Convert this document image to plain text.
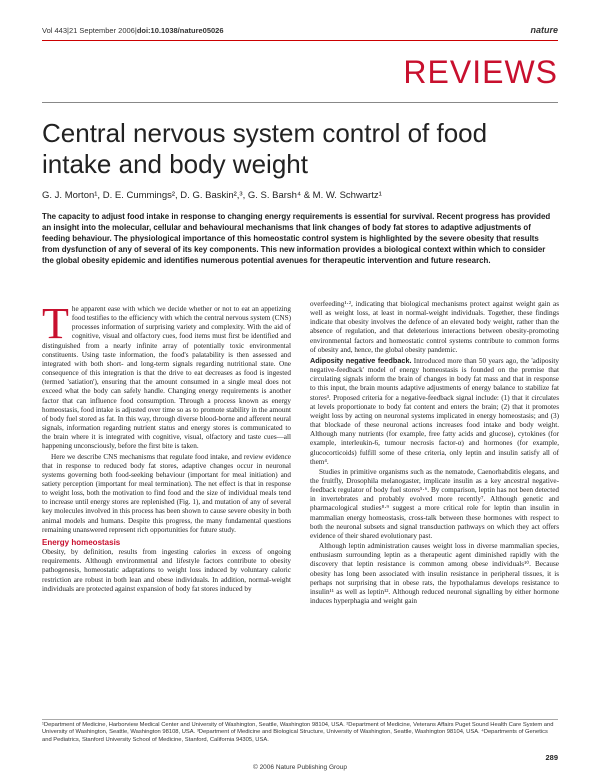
Vol 443|21 September 2006|doi:10.1038/nature05026	nature
REVIEWS
Central nervous system control of food intake and body weight
G. J. Morton¹, D. E. Cummings², D. G. Baskin²,³, G. S. Barsh⁴ & M. W. Schwartz¹

The capacity to adjust food intake in response to changing energy requirements is essential for survival. Recent progress has provided an insight into the molecular, cellular and behavioural mechanisms that link changes of body fat stores to adaptive adjustments of feeding behaviour. The physiological importance of this homeostatic control system is highlighted by the severe obesity that results from dysfunction of any of several of its key components. This new information provides a biological context within which to consider the global obesity epidemic and identifies numerous potential avenues for therapeutic intervention and future research.

The apparent ease with which we decide whether or not to eat an appetizing food testifies to the efficiency with which the central nervous system (CNS) processes information of surprising variety and complexity. With the aid of cognitive, visual and olfactory cues, food items must first be identified and distinguished from a nearly infinite array of potentially toxic environmental constituents. Using taste information, the food's palatability is then assessed and integrated with both short- and long-term signals regarding nutritional state. One consequence of this integration is that the drive to eat decreases as food is ingested (termed 'satiation'), ensuring that the amount consumed in a single meal does not exceed what the body can safely handle. Changing energy requirements is another factor that can influence food consumption. Through a process known as energy homeostasis, food intake is adjusted over time so as to promote stability in the amount of body fuel stored as fat. In this way, through diverse blood-borne and afferent neural signals, information regarding nutrient status and energy stores is communicated to the brain where it is integrated with cognitive, visual, olfactory and taste cues—all happening unconsciously, before the first bite is taken.

Here we describe CNS mechanisms that regulate food intake, and review evidence that in response to reduced body fat stores, adaptive changes occur in neuronal systems governing both food-seeking behaviour (important for meal initiation) and satiety perception (important for meal termination). The net effect is that in response to weight loss, both the motivation to find food and the size of individual meals tend to increase until energy stores are replenished (Fig. 1), and mutation of any of several key molecules involved in this process has been shown to cause severe obesity in both animal models and humans. Despite this progress, the many fundamental questions remaining unanswered represent rich opportunities for future study.

Energy homeostasis

Obesity, by definition, results from ingesting calories in excess of ongoing requirements. Although environmental and lifestyle factors contribute to obesity pathogenesis, homeostatic adaptations to weight loss induced by voluntary caloric restriction are robust in both lean and obese individuals. In addition, normal-weight individuals are protected against expansion of body fat stores induced by

overfeeding¹·², indicating that biological mechanisms protect against weight gain as well as weight loss, at least in normal-weight individuals. Together, these findings indicate that obesity involves the defence of an elevated body weight, rather than the absence of regulation, and that deleterious interactions between obesity-promoting environmental factors and homeostatic control systems contribute to common forms of obesity and, hence, the global obesity pandemic.

Adiposity negative feedback. Introduced more than 50 years ago, the 'adiposity negative-feedback' model of energy homeostasis is founded on the premise that circulating signals inform the brain of changes in body fat mass and that in response to this input, the brain mounts adaptive adjustments of energy balance to stabilize fat stores³. Proposed criteria for a negative-feedback signal include: (1) that it circulates at levels proportionate to body fat content and enters the brain; (2) that it promotes weight loss by acting on neuronal systems implicated in energy homeostasis; and (3) that blockade of these neuronal actions increases food intake and body weight. Although many nutrients (for example, free fatty acids and glucose), cytokines (for example, interleukin-6, tumour necrosis factor-α) and hormones (for example, glucocorticoids) fulfill some of these criteria, only leptin and insulin satisfy all of them⁴.

Studies in primitive organisms such as the nematode, Caenorhabditis elegans, and the fruitfly, Drosophila melanogaster, implicate insulin as a key ancestral negative-feedback regulator of body fuel stores⁵·⁶. By comparison, leptin has not been detected in invertebrates and probably evolved more recently⁷. Although genetic and pharmacological studies⁸·⁹ suggest a more critical role for leptin than insulin in mammalian energy homeostasis, cross-talk between these hormones with respect to both the neuronal subsets and signal transduction pathways on which they act offers evidence of their shared evolutionary past.

Although leptin administration causes weight loss in diverse mammalian species, enthusiasm surrounding leptin as a therapeutic agent diminished rapidly with the discovery that leptin resistance is common among obese individuals¹⁰. Because obesity has long been associated with insulin resistance in peripheral tissues, it is perhaps not surprising that in obese rats, the hypothalamus develops resistance to insulin¹¹ as well as leptin¹². Although reduced neuronal signalling by either hormone induces hyperphagia and weight gain

¹Department of Medicine, Harborview Medical Center and University of Washington, Seattle, Washington 98104, USA. ²Department of Medicine, Veterans Affairs Puget Sound Health Care System and University of Washington, Seattle, Washington 98108, USA. ³Department of Medicine and Biological Structure, University of Washington, Seattle, Washington 98104, USA. ⁴Departments of Genetics and Pediatrics, Stanford University School of Medicine, Stanford, California 94305, USA.

289
© 2006 Nature Publishing Group
